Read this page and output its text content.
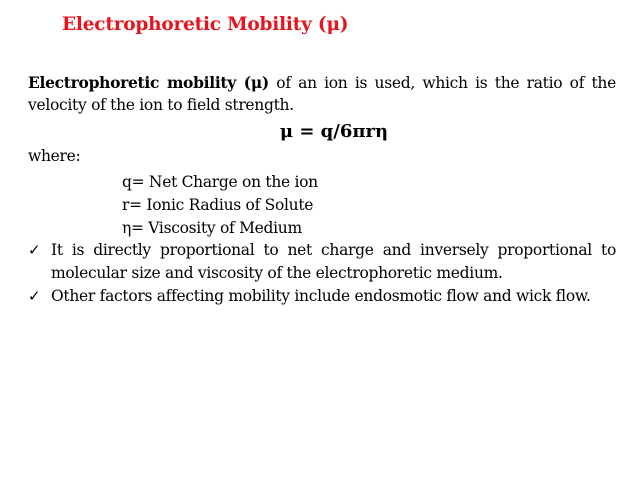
Electrophoretic Mobility (μ)
Electrophoretic mobility (μ) of an ion is used, which is the ratio of the velocity of the ion to field strength.
μ = q/6πrη
where:
q= Net Charge on the ion
r= Ionic Radius of Solute
η= Viscosity of Medium
✓ It is directly proportional to net charge and inversely proportional to molecular size and viscosity of the electrophoretic medium.
✓ Other factors affecting mobility include endosmotic flow and wick flow.
